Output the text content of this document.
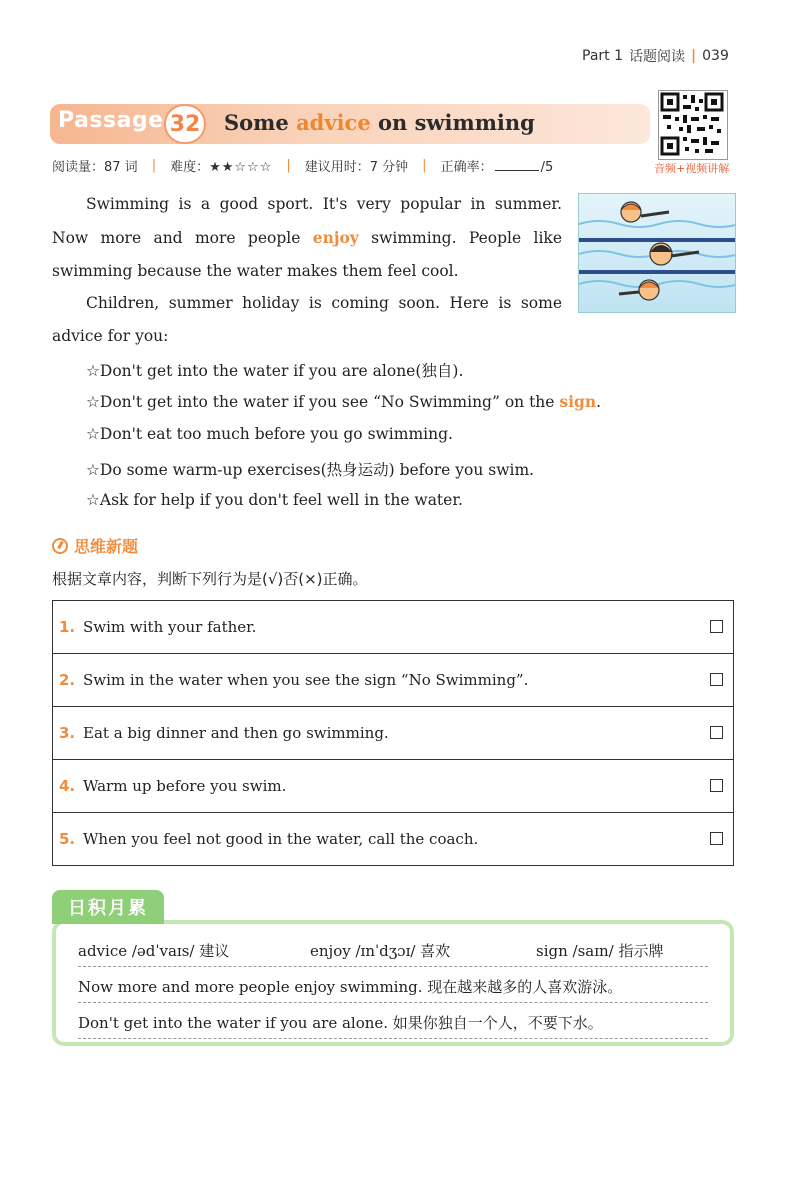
Part 1 话题阅读 | 039
Passage 32 Some advice on swimming
音频+视频讲解
阅读量：87 词 | 难度：★★☆☆☆ | 建议用时：7 分钟 | 正确率：	/5
Swimming is a good sport. It's very popular in summer. Now more and more people enjoy swimming. People like swimming because the water makes them feel cool.
Children, summer holiday is coming soon. Here is some advice for you:
☆Don't get into the water if you are alone(独自).
☆Don't get into the water if you see “No Swimming” on the sign.
☆Don't eat too much before you go swimming.
☆Do some warm-up exercises(热身运动) before you swim.
☆Ask for help if you don't feel well in the water.
思维新题
根据文章内容，判断下列行为是(√)否(×)正确。
1. Swim with your father.
2. Swim in the water when you see the sign “No Swimming”.
3. Eat a big dinner and then go swimming.
4. Warm up before you swim.
5. When you feel not good in the water, call the coach.
advice /ədˈvaɪs/ 建议	enjoy /ɪnˈdʒɔɪ/ 喜欢	sign /saɪn/ 指示牌
Now more and more people enjoy swimming. 现在越来越多的人喜欢游泳。
Don't get into the water if you are alone. 如果你独自一个人，不要下水。
日积月累
